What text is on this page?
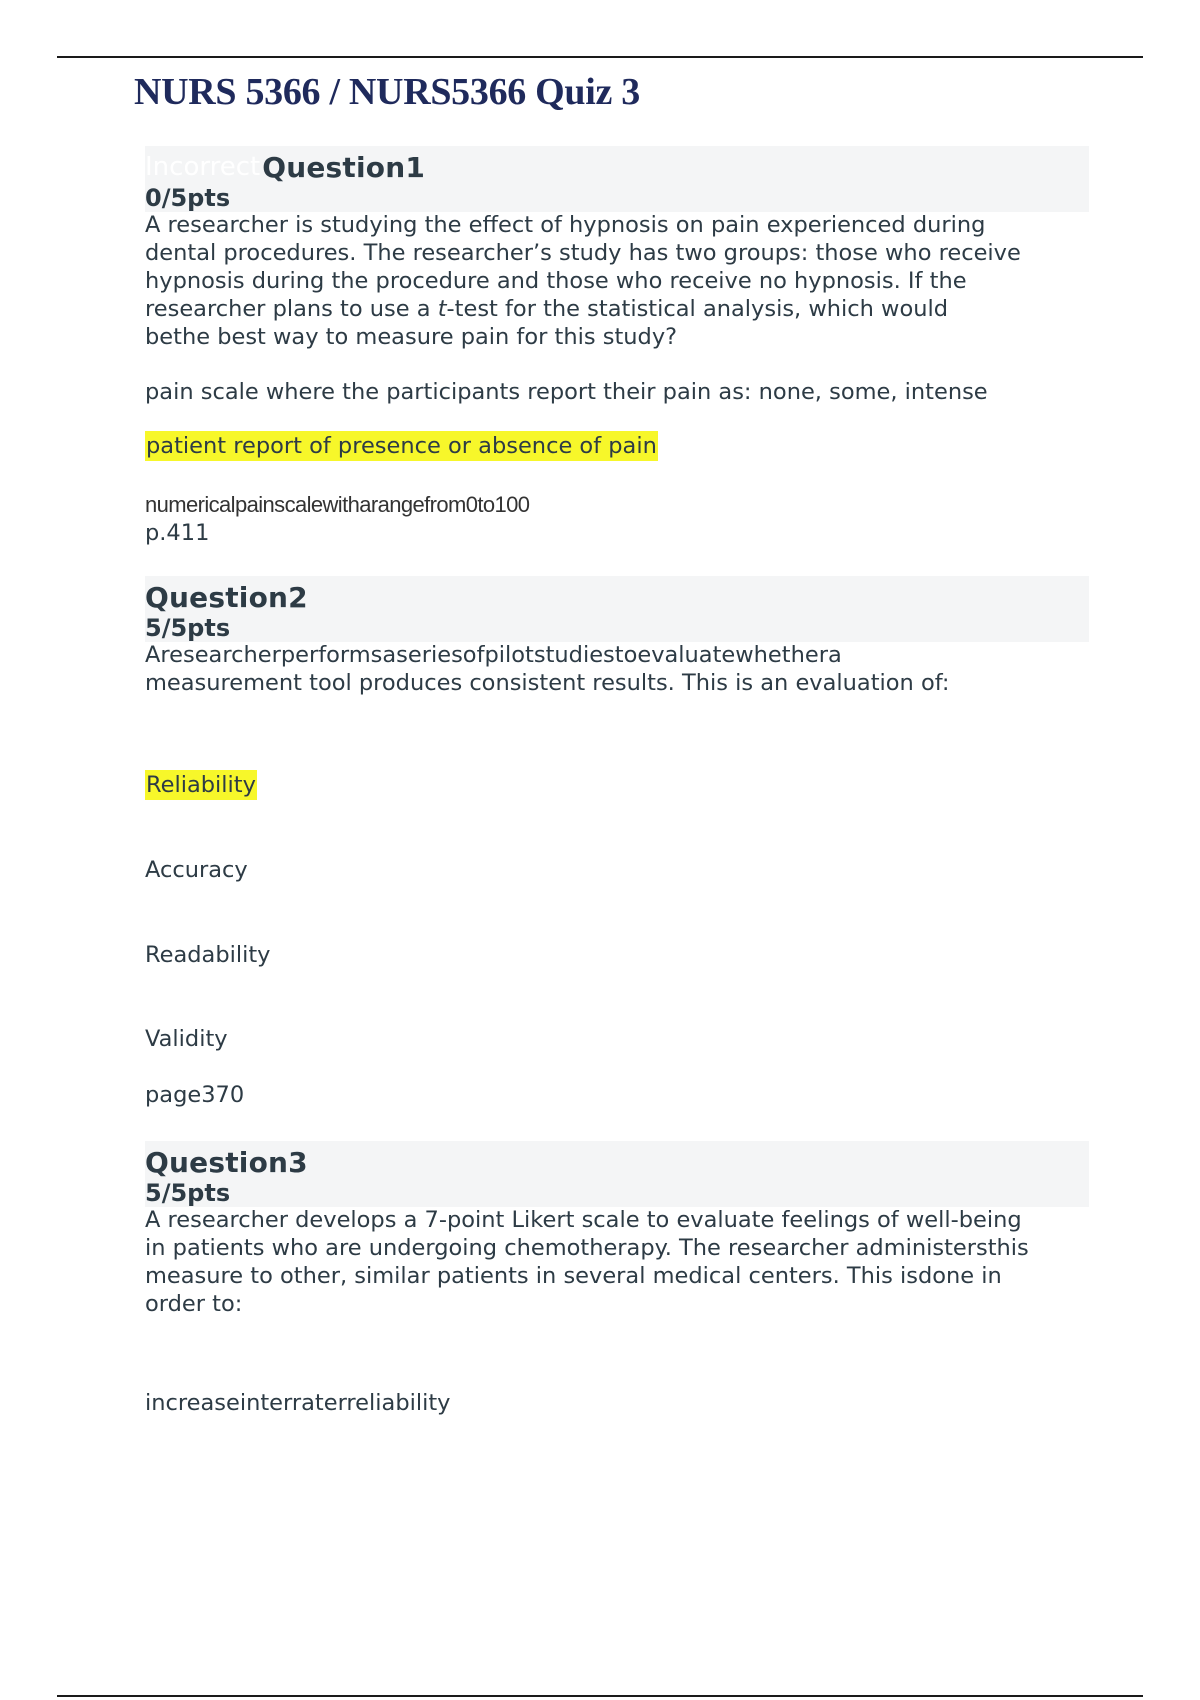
NURS 5366 / NURS5366 Quiz 3
Incorrect Question1
0/5pts
A researcher is studying the effect of hypnosis on pain experienced during
dental procedures. The researcher’s study has two groups: those who receive
hypnosis during the procedure and those who receive no hypnosis. If the
researcher plans to use a t-test for the statistical analysis, which would
bethe best way to measure pain for this study?
pain scale where the participants report their pain as: none, some, intense
patient report of presence or absence of pain
numericalpainscalewitharangefrom0to100
p.411
Question2
5/5pts
Aresearcherperformsaseriesofpilotstudiestoevaluatewhethera
measurement tool produces consistent results. This is an evaluation of:
Reliability
Accuracy
Readability
Validity
page370
Question3
5/5pts
A researcher develops a 7-point Likert scale to evaluate feelings of well-being
in patients who are undergoing chemotherapy. The researcher administersthis
measure to other, similar patients in several medical centers. This isdone in
order to:
increaseinterraterreliability
